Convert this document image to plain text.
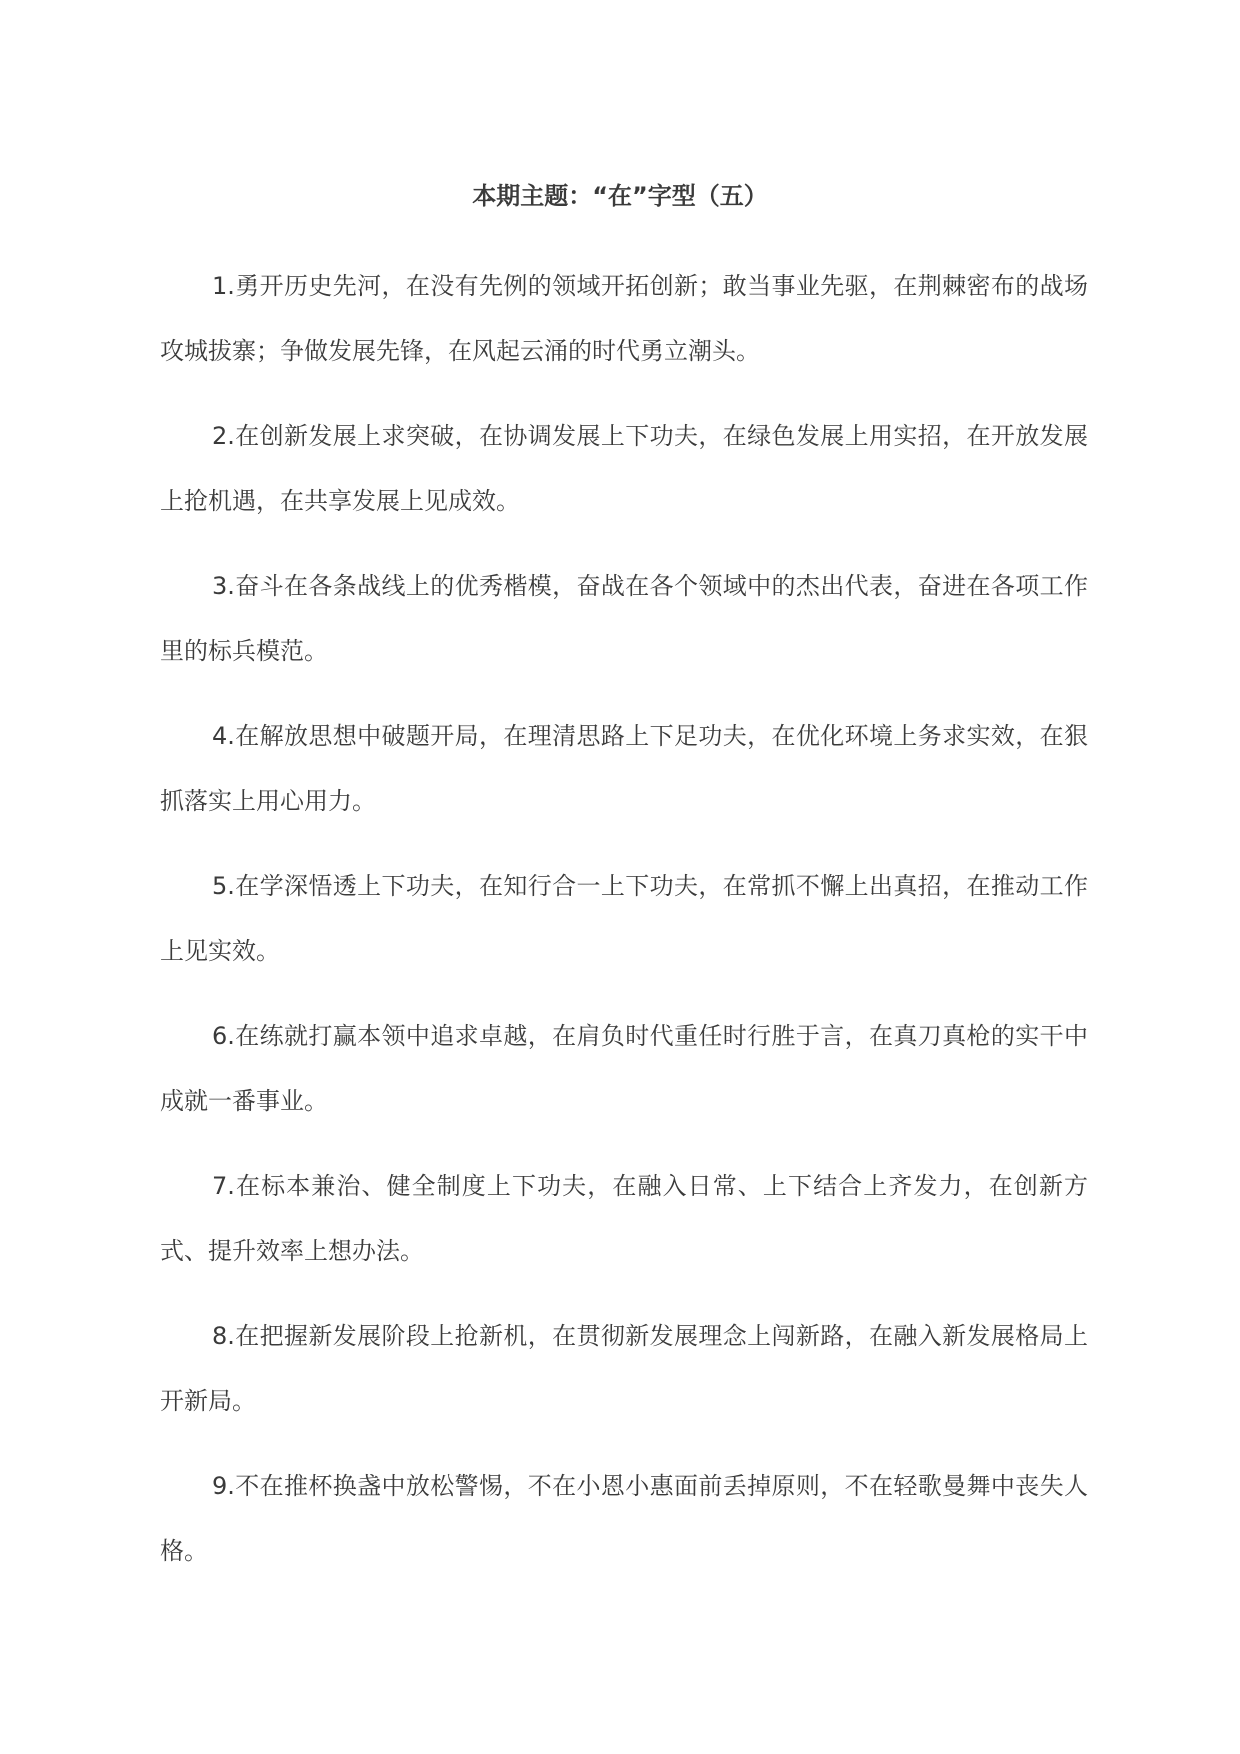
本期主题：“在”字型（五）

1.勇开历史先河，在没有先例的领域开拓创新；敢当事业先驱，在荆棘密布的战场攻城拔寨；争做发展先锋，在风起云涌的时代勇立潮头。

2.在创新发展上求突破，在协调发展上下功夫，在绿色发展上用实招，在开放发展上抢机遇，在共享发展上见成效。

3.奋斗在各条战线上的优秀楷模，奋战在各个领域中的杰出代表，奋进在各项工作里的标兵模范。

4.在解放思想中破题开局，在理清思路上下足功夫，在优化环境上务求实效，在狠抓落实上用心用力。

5.在学深悟透上下功夫，在知行合一上下功夫，在常抓不懈上出真招，在推动工作上见实效。

6.在练就打赢本领中追求卓越，在肩负时代重任时行胜于言，在真刀真枪的实干中成就一番事业。

7.在标本兼治、健全制度上下功夫，在融入日常、上下结合上齐发力，在创新方式、提升效率上想办法。

8.在把握新发展阶段上抢新机，在贯彻新发展理念上闯新路，在融入新发展格局上开新局。

9.不在推杯换盏中放松警惕，不在小恩小惠面前丢掉原则，不在轻歌曼舞中丧失人格。
